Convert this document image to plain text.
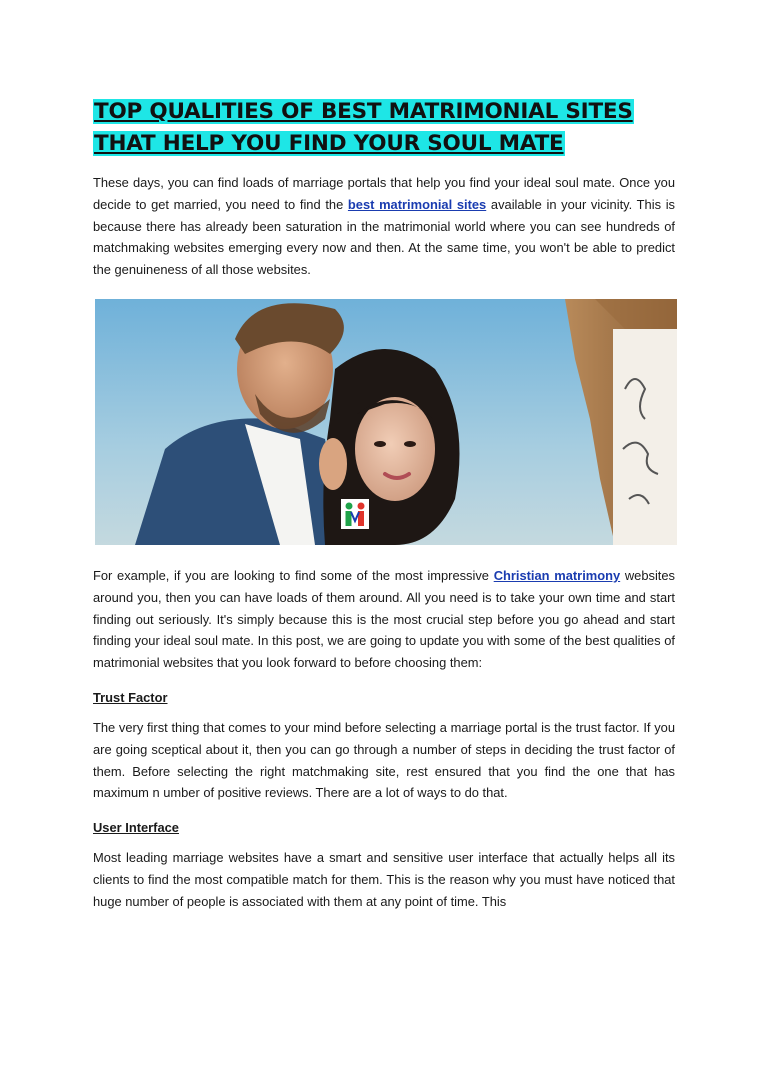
TOP QUALITIES OF BEST MATRIMONIAL SITES THAT HELP YOU FIND YOUR SOUL MATE

These days, you can find loads of marriage portals that help you find your ideal soul mate. Once you decide to get married, you need to find the best matrimonial sites available in your vicinity. This is because there has already been saturation in the matrimonial world where you can see hundreds of matchmaking websites emerging every now and then. At the same time, you won't be able to predict the genuineness of all those websites.

For example, if you are looking to find some of the most impressive Christian matrimony websites around you, then you can have loads of them around. All you need is to take your own time and start finding out seriously. It's simply because this is the most crucial step before you go ahead and start finding your ideal soul mate. In this post, we are going to update you with some of the best qualities of matrimonial websites that you look forward to before choosing them:

Trust Factor

The very first thing that comes to your mind before selecting a marriage portal is the trust factor. If you are going sceptical about it, then you can go through a number of steps in deciding the trust factor of them. Before selecting the right matchmaking site, rest ensured that you find the one that has maximum n umber of positive reviews. There are a lot of ways to do that.

User Interface

Most leading marriage websites have a smart and sensitive user interface that actually helps all its clients to find the most compatible match for them. This is the reason why you must have noticed that huge number of people is associated with them at any point of time. This
